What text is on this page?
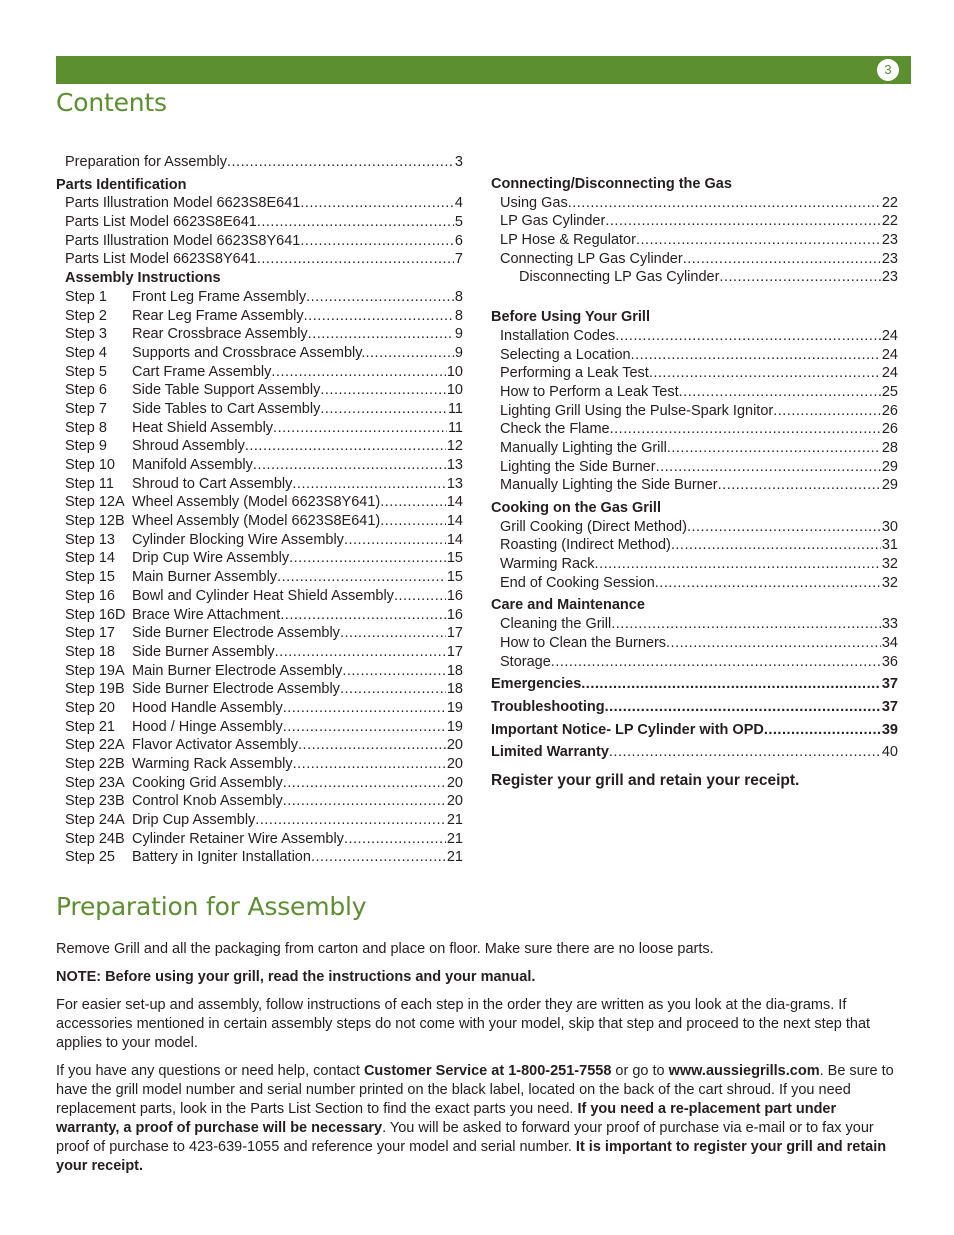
3
Contents
Preparation for Assembly .....	3
Parts Identification
Parts Illustration Model 6623S8E641 .....	4
Parts List Model 6623S8E641 .....	5
Parts Illustration Model 6623S8Y641 .....	6
Parts List Model 6623S8Y641 .....	7
Assembly Instructions
Step 1	Front Leg Frame Assembly .....	8
Step 2	Rear Leg Frame Assembly .....	8
Step 3	Rear Crossbrace Assembly .....	9
Step 4	Supports and Crossbrace Assembly. .....	9
Step 5	Cart Frame Assembly .....	10
Step 6	Side Table Support Assembly .....	10
Step 7	Side Tables to Cart Assembly .....	11
Step 8	Heat Shield Assembly .....	11
Step 9	Shroud Assembly .....	12
Step 10	Manifold Assembly .....	13
Step 11	Shroud to Cart Assembly .....	13
Step 12A Wheel Assembly (Model 6623S8Y641) .....	14
Step 12B Wheel Assembly (Model 6623S8E641) .....	14
Step 13	Cylinder Blocking Wire Assembly .....	14
Step 14	Drip Cup Wire Assembly .....	15
Step 15	Main Burner Assembly .....	15
Step 16	Bowl and Cylinder Heat Shield Assembly .....	16
Step 16D Brace Wire Attachment .....	16
Step 17	Side Burner Electrode Assembly .....	17
Step 18	Side Burner Assembly .....	17
Step 19A Main Burner Electrode Assembly .....	18
Step 19B Side Burner Electrode Assembly .....	18
Step 20	Hood Handle Assembly .....	19
Step 21	Hood / Hinge Assembly .....	19
Step 22A Flavor Activator Assembly .....	20
Step 22B Warming Rack Assembly .....	20
Step 23A Cooking Grid Assembly .....	20
Step 23B Control Knob Assembly .....	20
Step 24A Drip Cup Assembly .....	21
Step 24B Cylinder Retainer Wire Assembly .....	21
Step 25	Battery in Igniter Installation .....	21
Connecting/Disconnecting the Gas
Using Gas .....	22
LP Gas Cylinder .....	22
LP Hose & Regulator .....	23
Connecting LP Gas Cylinder .....	23
Disconnecting LP Gas Cylinder .....	23
Before Using Your Grill
Installation Codes .....	24
Selecting a Location .....	24
Performing a Leak Test .....	24
How to Perform a Leak Test .....	25
Lighting Grill Using the Pulse-Spark Ignitor .....	26
Check the Flame .....	26
Manually Lighting the Grill .....	28
Lighting the Side Burner .....	29
Manually Lighting the Side Burner .....	29
Cooking on the Gas Grill
Grill Cooking (Direct Method) .....	30
Roasting (Indirect Method) .....	31
Warming Rack .....	32
End of Cooking Session .....	32
Care and Maintenance
Cleaning the Grill .....	33
How to Clean the Burners .....	34
Storage .....	36
Emergencies .....	37
Troubleshooting .....	37
Important Notice- LP Cylinder with OPD .....	39
Limited Warranty .....	40
Register your grill and retain your receipt.
Preparation for Assembly

Remove Grill and all the packaging from carton and place on floor. Make sure there are no loose parts.

NOTE: Before using your grill, read the instructions and your manual.

For easier set-up and assembly, follow instructions of each step in the order they are written as you look at the dia-grams. If accessories mentioned in certain assembly steps do not come with your model, skip that step and proceed to the next step that applies to your model.

If you have any questions or need help, contact Customer Service at 1-800-251-7558 or go to www.aussiegrills.com. Be sure to have the grill model number and serial number printed on the black label, located on the back of the cart shroud. If you need replacement parts, look in the Parts List Section to find the exact parts you need. If you need a re-placement part under warranty, a proof of purchase will be necessary. You will be asked to forward your proof of purchase via e-mail or to fax your proof of purchase to 423-639-1055 and reference your model and serial number. It is important to register your grill and retain your receipt.
